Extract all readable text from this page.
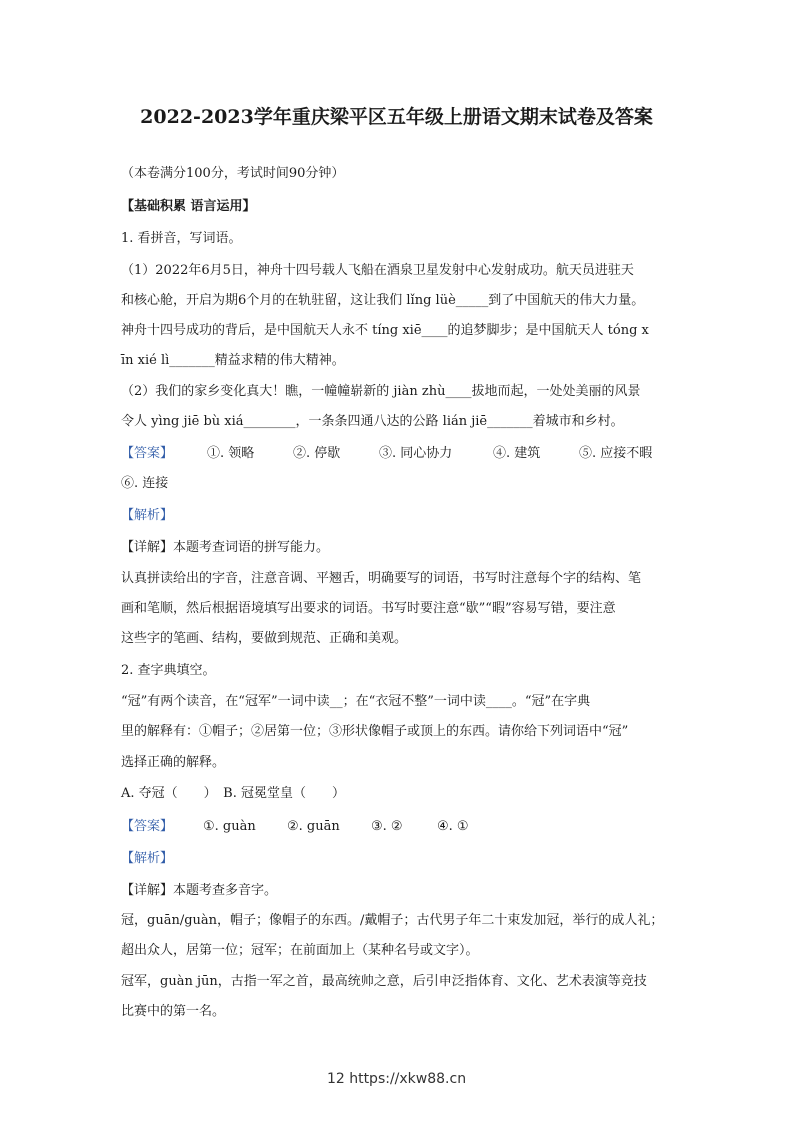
2022-2023学年重庆梁平区五年级上册语文期末试卷及答案
（本卷满分100分，考试时间90分钟）
【基础积累 语言运用】
1. 看拼音，写词语。
（1）2022年6月5日，神舟十四号载人飞船在酒泉卫星发射中心发射成功。航天员进驻天
和核心舱，开启为期6个月的在轨驻留，这让我们 lǐng lüè_____到了中国航天的伟大力量。
神舟十四号成功的背后，是中国航天人永不 tíng xiē____的追梦脚步；是中国航天人 tóng x
īn xié lì_______精益求精的伟大精神。
（2）我们的家乡变化真大！瞧，一幢幢崭新的 jiàn zhù____拔地而起，一处处美丽的风景
令人 yìng jiē bù xiá________，一条条四通八达的公路 lián jiē_______着城市和乡村。
【答案】	①. 领略	②. 停歇	③. 同心协力	④. 建筑	⑤. 应接不暇
⑥. 连接
【解析】
【详解】本题考查词语的拼写能力。
认真拼读给出的字音，注意音调、平翘舌，明确要写的词语，书写时注意每个字的结构、笔
画和笔顺，然后根据语境填写出要求的词语。书写时要注意“歇”“暇”容易写错，要注意
这些字的笔画、结构，要做到规范、正确和美观。
2. 查字典填空。
“冠”有两个读音，在“冠军”一词中读__；在“衣冠不整”一词中读____。“冠”在字典
里的解释有：①帽子；②居第一位；③形状像帽子或顶上的东西。请你给下列词语中“冠”
选择正确的解释。
A. 夺冠（　　）　B. 冠冕堂皇（　　）
【答案】 ①. guàn ②. guān ③. ②	④. ①
【解析】
【详解】本题考查多音字。
冠，guān/guàn，帽子；像帽子的东西。/戴帽子；古代男子年二十束发加冠，举行的成人礼；
超出众人，居第一位；冠军；在前面加上（某种名号或文字）。
冠军，guàn jūn，古指一军之首，最高统帅之意，后引申泛指体育、文化、艺术表演等竞技
比赛中的第一名。
12 https://xkw88.cn
